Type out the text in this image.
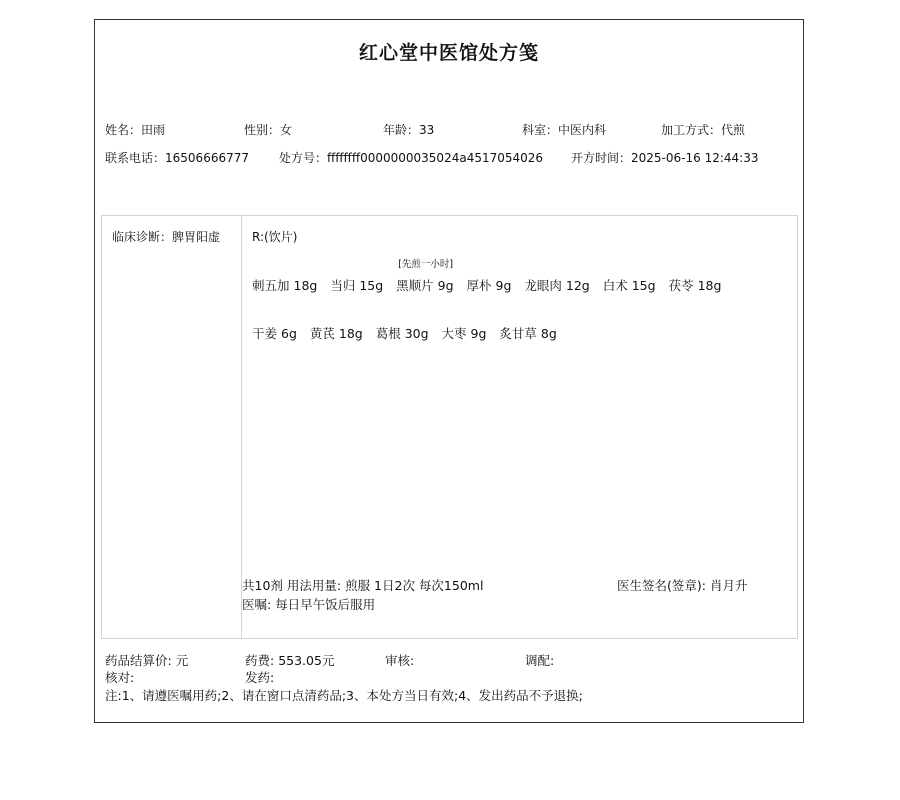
红心堂中医馆处方笺
姓名：田雨	性别：女	年龄：33	科室：中医内科	加工方式：代煎
联系电话：16506666777	处方号：ffffffff0000000035024a4517054026 开方时间：2025-06-16 12:44:33
临床诊断：脾胃阳虚	R:(饮片)
刺五加 18g 当归 15g
[先煎一小时]
黑顺片 9g 厚朴 9g 龙眼肉 12g 白术 15g 茯苓 18g
干姜 6g 黄芪 18g 葛根 30g 大枣 9g 炙甘草 8g
共10剂 用法用量: 煎服 1日2次 每次150ml
医嘱: 每日早午饭后服用
医生签名(签章): 肖月升
药品结算价: 元	药费: 553.05元	审核:	调配:
核对:	发药:
注:1、请遵医嘱用药;2、请在窗口点清药品;3、本处方当日有效;4、发出药品不予退换;
